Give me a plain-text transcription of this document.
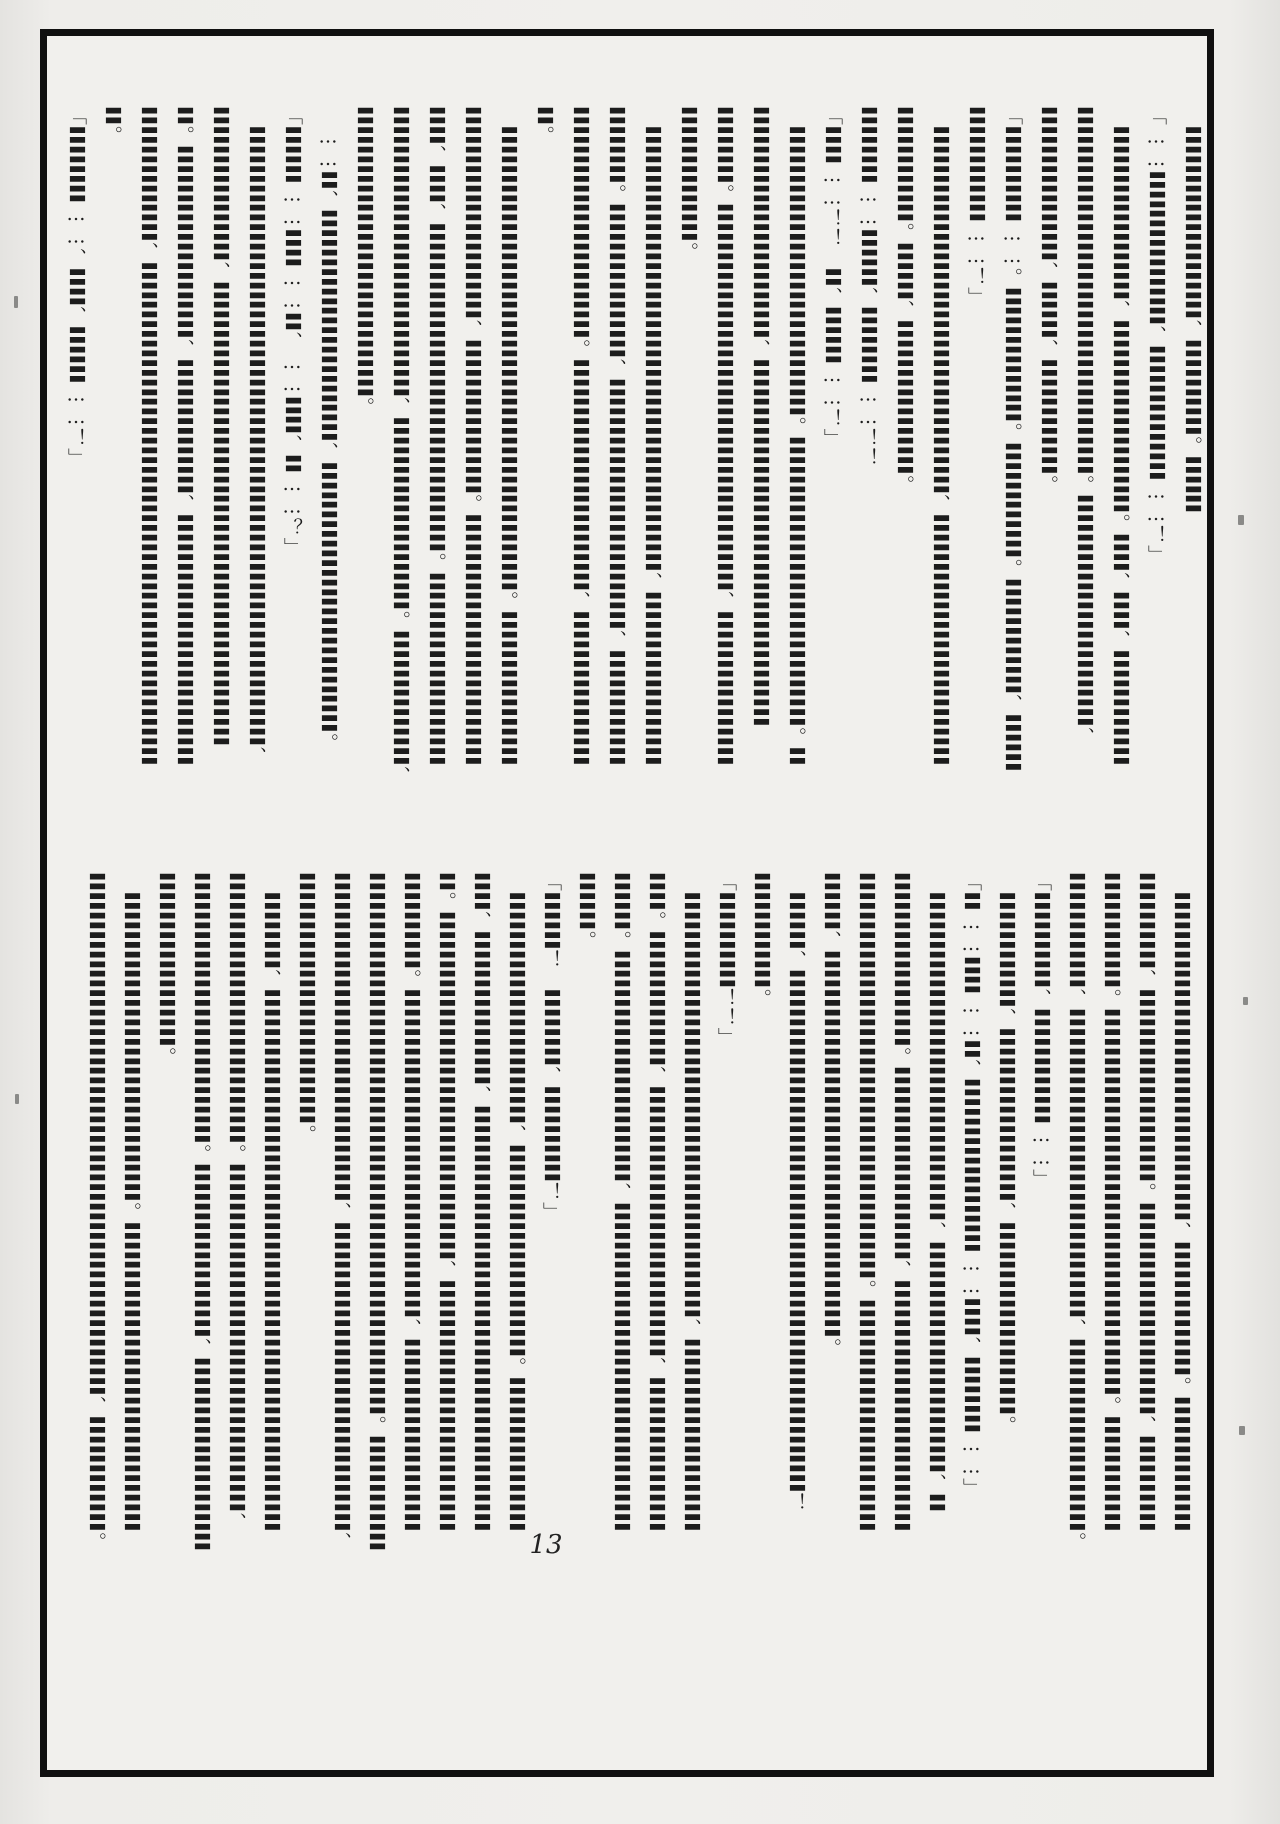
　〓〓〓〓〓〓〓〓〓〓、〓〓〓〓〓。〓〓〓

「……〓〓〓〓〓〓〓〓、〓〓〓〓〓〓〓……！」

　〓〓〓〓〓〓〓〓〓、〓〓〓〓〓〓〓〓〓〓。〓〓、〓〓、〓〓〓〓〓〓

〓〓〓〓〓〓〓〓〓〓〓〓〓〓〓〓〓〓〓。〓〓〓〓〓〓〓〓〓〓〓〓、

〓〓〓〓〓〓〓〓、〓〓〓、〓〓〓〓〓〓。

「〓〓〓〓〓……。〓〓〓〓〓〓〓。〓〓〓〓〓〓。〓〓〓〓〓〓、〓〓〓

〓〓〓〓〓〓……！」

　〓〓〓〓〓〓〓〓〓〓〓〓〓〓〓〓〓〓〓、〓〓〓〓〓〓〓〓〓〓〓〓〓

〓〓〓〓〓〓。〓〓〓、〓〓〓〓〓〓〓〓。

〓〓〓〓……〓〓〓、〓〓〓〓……！！

「〓〓……！！　〓、〓〓〓……！」

　〓〓〓〓〓〓〓〓〓〓〓〓〓〓〓。〓〓〓〓〓〓〓〓〓〓〓〓〓〓〓。〓

〓〓〓〓〓〓〓〓〓〓〓〓、〓〓〓〓〓〓〓〓〓〓〓〓〓〓〓〓〓〓〓

〓〓〓〓。〓〓〓〓〓〓〓〓〓〓〓〓〓〓〓〓〓〓〓〓、〓〓〓〓〓〓〓〓

〓〓〓〓〓〓〓。

　〓〓〓〓〓〓〓〓〓〓〓〓〓〓〓〓〓〓〓〓〓〓〓、〓〓〓〓〓〓〓〓〓

〓〓〓〓。〓〓〓〓〓〓〓〓、〓〓〓〓〓〓〓〓〓〓〓〓〓、〓〓〓〓〓〓

〓〓〓〓〓〓〓〓〓〓〓〓。〓〓〓〓〓〓〓〓〓〓〓〓、〓〓〓〓〓〓〓〓

〓。

　〓〓〓〓〓〓〓〓〓〓〓〓〓〓〓〓〓〓〓〓〓〓〓〓。〓〓〓〓〓〓〓〓

〓〓〓〓〓〓〓〓〓〓〓、〓〓〓〓〓〓〓〓。〓〓〓〓〓〓〓〓〓〓〓〓〓

〓〓、〓〓、〓〓〓〓〓〓〓〓〓〓〓〓〓〓〓〓〓。〓〓〓〓〓〓〓〓〓〓

〓〓〓〓〓〓〓〓〓〓〓〓〓〓〓、〓〓〓〓〓〓〓〓〓〓。〓〓〓〓〓〓〓、

〓〓〓〓〓〓〓〓〓〓〓〓〓〓〓。

　……〓、〓〓〓〓〓〓〓〓〓〓〓〓、〓〓〓〓〓〓〓〓〓〓〓〓〓〓。

「〓〓〓……〓〓……〓、……〓〓、〓……？」

　〓〓〓〓〓〓〓〓〓〓〓〓〓〓〓〓〓〓〓〓〓〓〓〓〓〓〓〓〓〓〓〓、

〓〓〓〓〓〓〓〓、〓〓〓〓〓〓〓〓〓〓〓〓〓〓〓〓〓〓〓〓〓〓〓〓

〓。〓〓〓〓〓〓〓〓〓〓、〓〓〓〓〓〓〓、〓〓〓〓〓〓〓〓〓〓〓〓〓

〓〓〓〓〓〓〓、〓〓〓〓〓〓〓〓〓〓〓〓〓〓〓〓〓〓〓〓〓〓〓〓〓〓

〓。

「〓〓〓〓……、〓〓、〓〓〓……！」

　〓〓〓〓〓〓〓〓〓〓〓〓〓〓〓〓〓、〓〓〓〓〓〓〓。〓〓〓〓〓〓〓

〓〓〓〓〓、〓〓〓〓〓〓〓〓〓〓。〓〓〓〓〓〓〓〓〓〓〓、〓〓〓〓〓

〓〓〓〓〓〓。〓〓〓〓〓〓〓〓〓〓〓〓〓〓〓〓〓〓〓〓。〓〓〓〓〓〓

〓〓〓〓〓〓、〓〓〓〓〓〓〓〓〓〓〓〓〓〓〓〓、〓〓〓〓〓〓〓〓〓〓。

「〓〓〓〓〓、〓〓〓〓〓〓……」

　〓〓〓〓〓〓、〓〓〓〓〓〓〓〓〓、〓〓〓〓〓〓〓〓〓〓。

「〓……〓〓……〓、〓〓〓〓〓〓〓〓〓……〓〓、〓〓〓〓……」

　〓〓〓〓〓〓〓〓〓〓〓〓〓〓〓〓〓、〓〓〓〓〓〓〓〓〓〓〓〓、〓

〓〓〓〓〓〓〓〓〓。〓〓〓〓〓〓〓〓〓〓、〓〓〓〓〓〓〓〓〓〓〓〓〓

〓〓〓〓〓〓〓〓〓〓〓〓〓〓〓〓〓〓〓〓〓。〓〓〓〓〓〓〓〓〓〓〓〓

〓〓〓、〓〓〓〓〓〓〓〓〓〓〓〓〓〓〓〓〓〓〓〓。

　〓〓〓、〓〓〓〓〓〓〓〓〓〓〓〓〓〓〓〓〓〓〓〓〓〓〓〓〓〓〓！

〓〓〓〓〓〓。

「〓〓〓〓〓！！」

　〓〓〓〓〓〓〓〓〓〓〓〓〓〓〓〓〓〓〓〓〓〓、〓〓〓〓〓〓〓〓〓〓

〓〓。〓〓〓〓〓〓〓、〓〓〓〓〓〓〓〓〓〓〓〓〓〓、〓〓〓〓〓〓〓〓

〓〓〓。〓〓〓〓〓〓〓〓〓〓〓〓、〓〓〓〓〓〓〓〓〓〓〓〓〓〓〓〓〓

〓〓〓。

「〓〓〓！　〓〓〓〓、〓〓〓〓〓！」

　〓〓〓〓〓〓〓〓〓〓〓〓、〓〓〓〓〓〓〓〓〓〓〓。〓〓〓〓〓〓〓〓

〓〓、〓〓〓〓〓〓〓〓、〓〓〓〓〓〓〓〓〓〓〓〓〓〓〓〓〓〓〓〓〓〓

〓。〓〓〓〓〓〓〓〓〓〓〓〓〓〓〓〓〓〓、〓〓〓〓〓〓〓〓〓〓〓〓〓

〓〓〓〓〓。〓〓〓〓〓〓〓〓〓〓〓〓〓〓〓〓〓、〓〓〓〓〓〓〓〓〓〓

〓〓〓〓〓〓〓〓〓〓〓〓〓〓〓〓〓〓〓〓〓〓〓〓〓〓〓〓。〓〓〓〓〓〓

〓〓〓〓〓〓〓〓〓〓〓〓〓〓〓〓〓、〓〓〓〓〓〓〓〓〓〓〓〓〓〓〓〓、

〓〓〓〓〓〓〓〓〓〓〓〓〓。

　〓〓〓〓、〓〓〓〓〓〓〓〓〓〓〓〓〓〓〓〓〓〓〓〓〓〓〓〓〓〓〓〓

〓〓〓〓〓〓〓〓〓〓〓〓〓〓。〓〓〓〓〓〓〓〓〓〓〓〓〓〓〓〓〓〓、

〓〓〓〓〓〓〓〓〓〓〓〓〓〓。〓〓〓〓〓〓〓〓〓、〓〓〓〓〓〓〓〓〓〓

〓〓〓〓〓〓〓〓〓。

　〓〓〓〓〓〓〓〓〓〓〓〓〓〓〓〓。〓〓〓〓〓〓〓〓〓〓〓〓〓〓〓〓

〓〓〓〓〓〓〓〓〓〓〓〓〓〓〓〓〓〓〓〓〓〓〓〓〓〓〓、〓〓〓〓〓〓。	13
